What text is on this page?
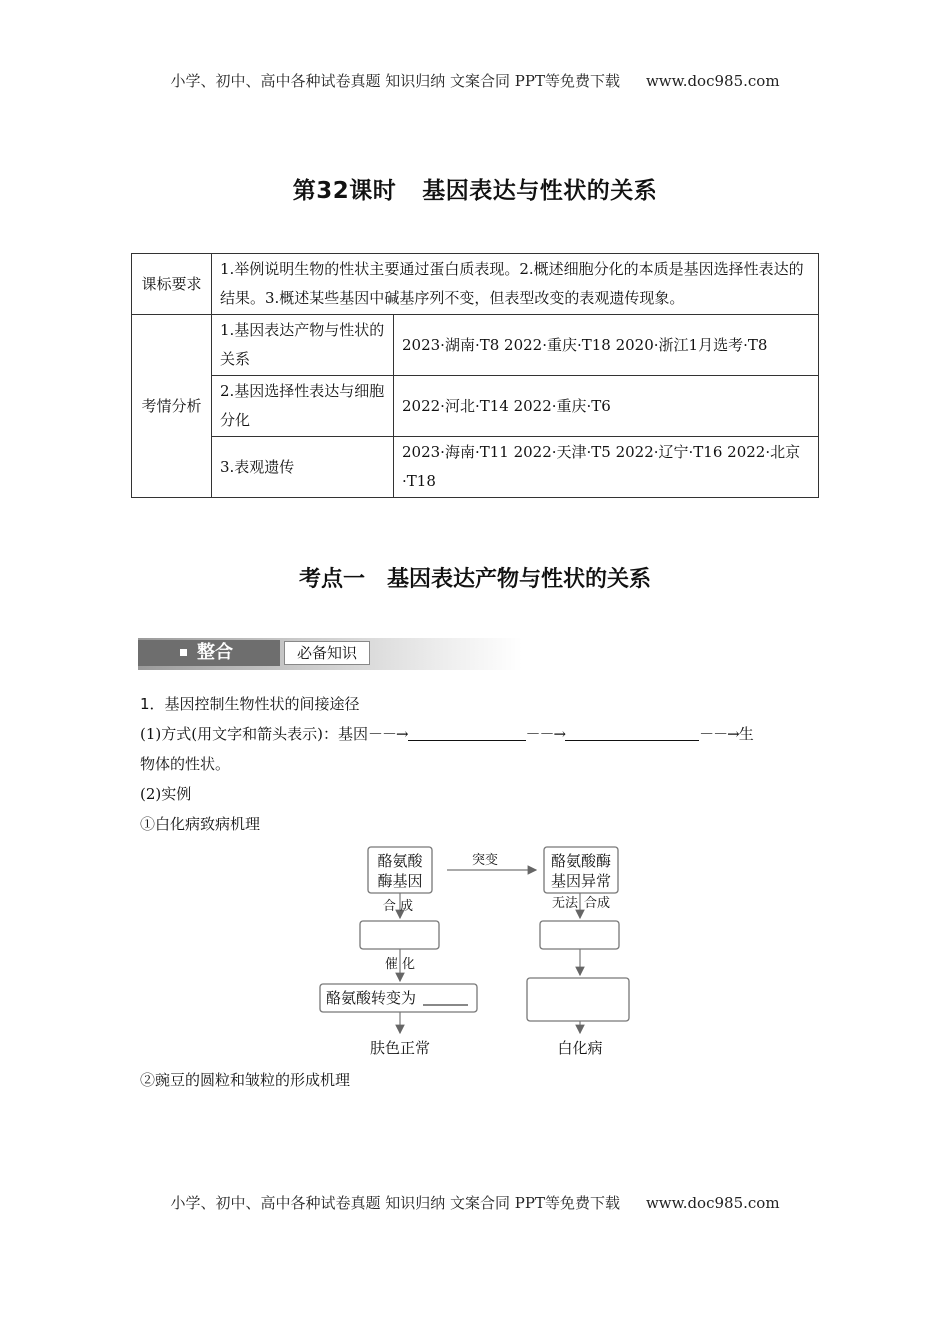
小学、初中、高中各种试卷真题 知识归纳 文案合同 PPT等免费下载 www.doc985.com
第32课时 基因表达与性状的关系
课标要求	1.举例说明生物的性状主要通过蛋白质表现。2.概述细胞分化的本质是基因选择性表达的结果。3.概述某些基因中碱基序列不变，但表型改变的表观遗传现象。	
考情分析	1.基因表达产物与性状的关系	2023·湖南·T8 2022·重庆·T18 2020·浙江1月选考·T8
	2.基因选择性表达与细胞分化	2022·河北·T14 2022·重庆·T6
	3.表观遗传	2023·海南·T11 2022·天津·T5 2022·辽宁·T16 2022·北京·T18
考点一 基因表达产物与性状的关系
整合	必备知识
1．基因控制生物性状的间接途径
(1)方式(用文字和箭头表示)：基因－－→	－－→	－－→生
物体的性状。
(2)实例
①白化病致病机理
酪氨酸
酶基因
酪氨酸酶
基因异常
突变
合 成	无法 合成
催 化
酪氨酸转变为
肤色正常	白化病
②豌豆的圆粒和皱粒的形成机理
小学、初中、高中各种试卷真题 知识归纳 文案合同 PPT等免费下载 www.doc985.com
